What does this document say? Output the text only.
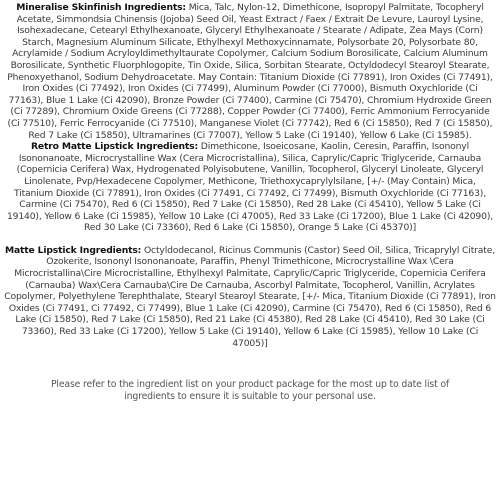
Mineralise Skinfinish Ingredients: Mica, Talc, Nylon-12, Dimethicone, Isopropyl Palmitate, Tocopheryl Acetate, Simmondsia Chinensis (Jojoba) Seed Oil, Yeast Extract / Faex / Extrait De Levure, Lauroyl Lysine, Isohexadecane, Cetearyl Ethylhexanoate, Glyceryl Ethylhexanoate / Stearate / Adipate, Zea Mays (Corn) Starch, Magnesium Aluminum Silicate, Ethylhexyl Methoxycinnamate, Polysorbate 20, Polysorbate 80, Acrylamide / Sodium Acryloyldimethyltaurate Copolymer, Calcium Sodium Borosilicate, Calcium Aluminum Borosilicate, Synthetic Fluorphlogopite, Tin Oxide, Silica, Sorbitan Stearate, Octyldodecyl Stearoyl Stearate, Phenoxyethanol, Sodium Dehydroacetate. May Contain: Titanium Dioxide (Ci 77891), Iron Oxides (Ci 77491), Iron Oxides (Ci 77492), Iron Oxides (Ci 77499), Aluminum Powder (Ci 77000), Bismuth Oxychloride (Ci 77163), Blue 1 Lake (Ci 42090), Bronze Powder (Ci 77400), Carmine (Ci 75470), Chromium Hydroxide Green (Ci 77289), Chromium Oxide Greens (Ci 77288), Copper Powder (Ci 77400), Ferric Ammonium Ferrocyanide (Ci 77510), Ferric Ferrocyanide (Ci 77510), Manganese Violet (Ci 77742), Red 6 (Ci 15850), Red 7 (Ci 15850), Red 7 Lake (Ci 15850), Ultramarines (Ci 77007), Yellow 5 Lake (Ci 19140), Yellow 6 Lake (Ci 15985).

Retro Matte Lipstick Ingredients: Dimethicone, Isoeicosane, Kaolin, Ceresin, Paraffin, Isononyl Isononanoate, Microcrystalline Wax (Cera Microcristallina), Silica, Caprylic/Capric Triglyceride, Carnauba (Copernicia Cerifera) Wax, Hydrogenated Polyisobutene, Vanillin, Tocopherol, Glyceryl Linoleate, Glyceryl Linolenate, Pvp/Hexadecene Copolymer, Methicone, Triethoxycaprylylsilane, [+/- (May Contain) Mica, Titanium Dioxide (Ci 77891), Iron Oxides (Ci 77491, Ci 77492, Ci 77499), Bismuth Oxychloride (Ci 77163), Carmine (Ci 75470), Red 6 (Ci 15850), Red 7 Lake (Ci 15850), Red 28 Lake (Ci 45410), Yellow 5 Lake (Ci 19140), Yellow 6 Lake (Ci 15985), Yellow 10 Lake (Ci 47005), Red 33 Lake (Ci 17200), Blue 1 Lake (Ci 42090), Red 30 Lake (Ci 73360), Red 6 Lake (Ci 15850), Orange 5 Lake (Ci 45370)]

Matte Lipstick Ingredients: Octyldodecanol, Ricinus Communis (Castor) Seed Oil, Silica, Tricaprylyl Citrate, Ozokerite, Isononyl Isononanoate, Paraffin, Phenyl Trimethicone, Microcrystalline Wax \Cera Microcristallina\Cire Microcristalline, Ethylhexyl Palmitate, Caprylic/Capric Triglyceride, Copernicia Cerifera (Carnauba) Wax\Cera Carnauba\Cire De Carnauba, Ascorbyl Palmitate, Tocopherol, Vanillin, Acrylates Copolymer, Polyethylene Terephthalate, Stearyl Stearoyl Stearate, [+/- Mica, Titanium Dioxide (Ci 77891), Iron Oxides (Ci 77491, Ci 77492, Ci 77499), Blue 1 Lake (Ci 42090), Carmine (Ci 75470), Red 6 (Ci 15850), Red 6 Lake (Ci 15850), Red 7 Lake (Ci 15850), Red 21 Lake (Ci 45380), Red 28 Lake (Ci 45410), Red 30 Lake (Ci 73360), Red 33 Lake (Ci 17200), Yellow 5 Lake (Ci 19140), Yellow 6 Lake (Ci 15985), Yellow 10 Lake (Ci 47005)]

Please refer to the ingredient list on your product package for the most up to date list of ingredients to ensure it is suitable to your personal use.
